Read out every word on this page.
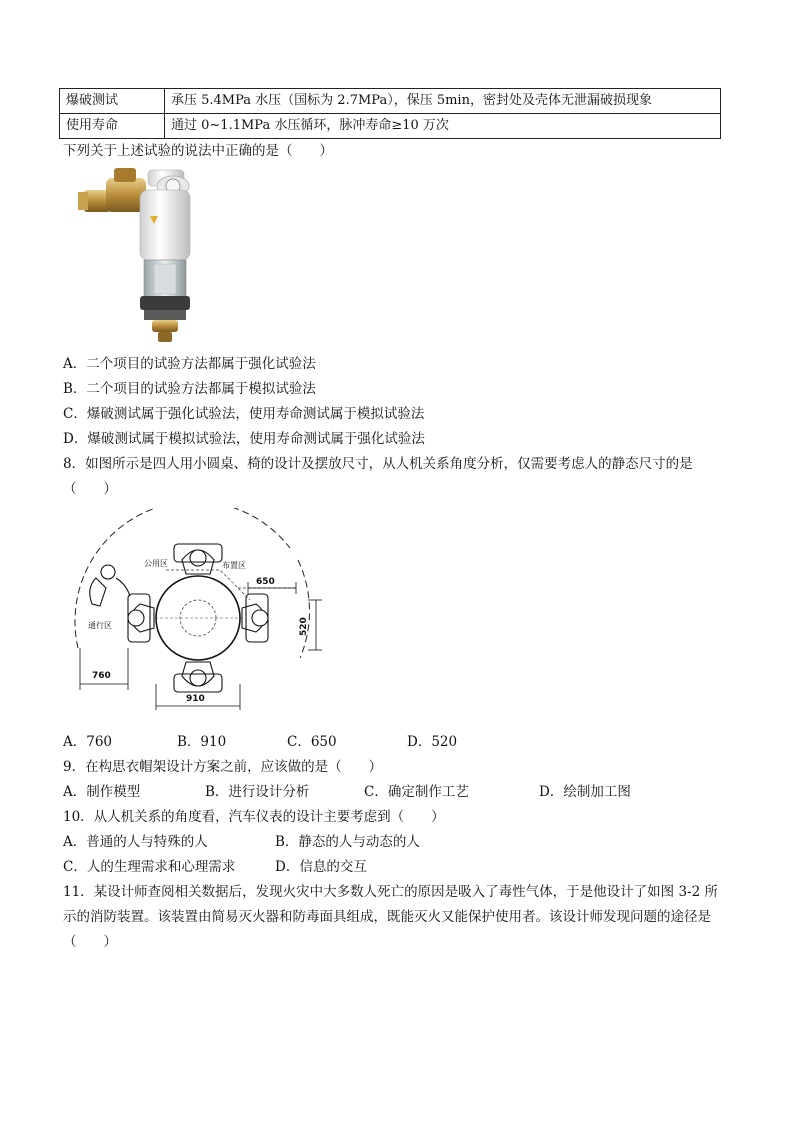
爆破测试	承压 5.4MPa 水压（国标为 2.7MPa），保压 5min，密封处及壳体无泄漏破损现象
使用寿命	通过 0~1.1MPa 水压循环，脉冲寿命≥10 万次
下列关于上述试验的说法中正确的是（　　）
A．二个项目的试验方法都属于强化试验法
B．二个项目的试验方法都属于模拟试验法
C．爆破测试属于强化试验法，使用寿命测试属于模拟试验法
D．爆破测试属于模拟试验法，使用寿命测试属于强化试验法
8．如图所示是四人用小圆桌、椅的设计及摆放尺寸，从人机关系角度分析，仅需要考虑人的静态尺寸的是
（　　）
公用区	布置区
通行区
650
520
760
910
A．760	B．910	C．650	D．520
9．在构思衣帽架设计方案之前，应该做的是（　　）
A．制作模型	B．进行设计分析	C．确定制作工艺	D．绘制加工图
10．从人机关系的角度看，汽车仪表的设计主要考虑到（　　）
A．普通的人与特殊的人	B．静态的人与动态的人
C．人的生理需求和心理需求	D．信息的交互
11．某设计师查阅相关数据后，发现火灾中大多数人死亡的原因是吸入了毒性气体，于是他设计了如图 3-2 所
示的消防装置。该装置由简易灭火器和防毒面具组成，既能灭火又能保护使用者。该设计师发现问题的途径是
（　　）
